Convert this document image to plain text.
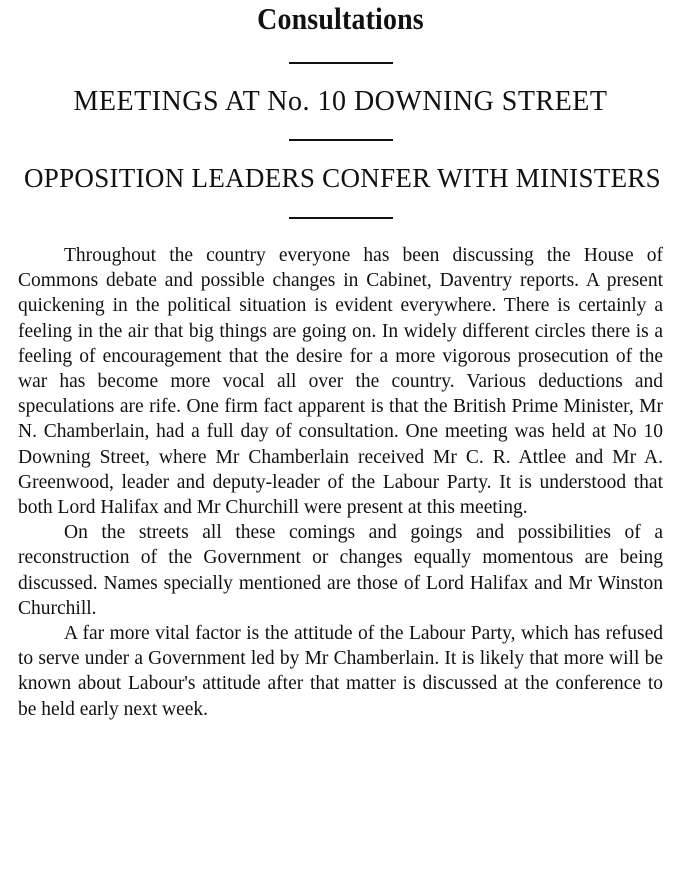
Consultations
MEETINGS AT No. 10 DOWNING STREET
OPPOSITION LEADERS CONFER WITH MINISTERS

Throughout the country everyone has been discussing the House of Commons debate and possible changes in Cabinet, Daventry reports. A present quickening in the political situation is evident everywhere. There is certainly a feeling in the air that big things are going on. In widely different circles there is a feeling of encouragement that the desire for a more vigorous prosecution of the war has become more vocal all over the country. Various deductions and speculations are rife. One firm fact apparent is that the British Prime Minister, Mr N. Chamberlain, had a full day of consultation. One meeting was held at No 10 Downing Street, where Mr Chamberlain received Mr C. R. Attlee and Mr A. Greenwood, leader and deputy-leader of the Labour Party. It is understood that both Lord Halifax and Mr Churchill were present at this meeting.

On the streets all these comings and goings and possibilities of a reconstruction of the Government or changes equally momentous are being discussed. Names specially mentioned are those of Lord Halifax and Mr Winston Churchill.

A far more vital factor is the attitude of the Labour Party, which has refused to serve under a Government led by Mr Chamberlain. It is likely that more will be known about Labour's attitude after that matter is discussed at the conference to be held early next week.
